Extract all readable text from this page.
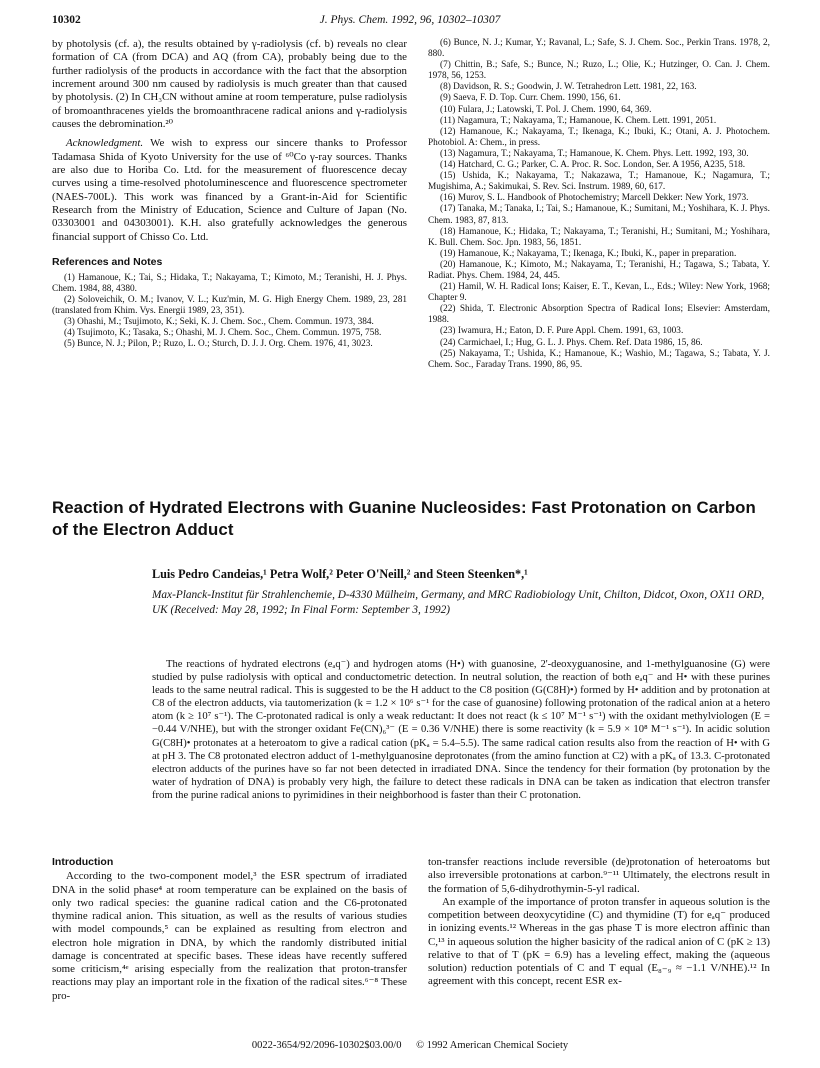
10302	J. Phys. Chem. 1992, 96, 10302–10307

by photolysis (cf. a), the results obtained by γ-radiolysis (cf. b) reveals no clear formation of CA (from DCA) and AQ (from CA), probably being due to the further radiolysis of the products in accordance with the fact that the absorption increment around 300 nm caused by radiolysis is much greater than that caused by photolysis. (2) In CH₃CN without amine at room temperature, pulse radiolysis of bromoanthracenes yields the bromoanthracene radical anions and γ-radiolysis causes the debromination.²⁰

Acknowledgment. We wish to express our sincere thanks to Professor Tadamasa Shida of Kyoto University for the use of ⁶⁰Co γ-ray sources. Thanks are also due to Horiba Co. Ltd. for the measurement of fluorescence decay curves using a time-resolved photoluminescence and fluorescence spectrometer (NAES-700L). This work was financed by a Grant-in-Aid for Scientific Research from the Ministry of Education, Science and Culture of Japan (No. 03303001 and 04303001). K.H. also gratefully acknowledges the generous financial support of Chisso Co. Ltd.

References and Notes
(1) Hamanoue, K.; Tai, S.; Hidaka, T.; Nakayama, T.; Kimoto, M.; Teranishi, H. J. Phys. Chem. 1984, 88, 4380.
(2) Soloveichik, O. M.; Ivanov, V. L.; Kuz'min, M. G. High Energy Chem. 1989, 23, 281 (translated from Khim. Vys. Energii 1989, 23, 351).
(3) Ohashi, M.; Tsujimoto, K.; Seki, K. J. Chem. Soc., Chem. Commun. 1973, 384.
(4) Tsujimoto, K.; Tasaka, S.; Ohashi, M. J. Chem. Soc., Chem. Commun. 1975, 758.
(5) Bunce, N. J.; Pilon, P.; Ruzo, L. O.; Sturch, D. J. J. Org. Chem. 1976, 41, 3023.
(6) Bunce, N. J.; Kumar, Y.; Ravanal, L.; Safe, S. J. Chem. Soc., Perkin Trans. 1978, 2, 880.
(7) Chittin, B.; Safe, S.; Bunce, N.; Ruzo, L.; Olie, K.; Hutzinger, O. Can. J. Chem. 1978, 56, 1253.
(8) Davidson, R. S.; Goodwin, J. W. Tetrahedron Lett. 1981, 22, 163.
(9) Saeva, F. D. Top. Curr. Chem. 1990, 156, 61.
(10) Fulara, J.; Latowski, T. Pol. J. Chem. 1990, 64, 369.
(11) Nagamura, T.; Nakayama, T.; Hamanoue, K. Chem. Lett. 1991, 2051.
(12) Hamanoue, K.; Nakayama, T.; Ikenaga, K.; Ibuki, K.; Otani, A. J. Photochem. Photobiol. A: Chem., in press.
(13) Nagamura, T.; Nakayama, T.; Hamanoue, K. Chem. Phys. Lett. 1992, 193, 30.
(14) Hatchard, C. G.; Parker, C. A. Proc. R. Soc. London, Ser. A 1956, A235, 518.
(15) Ushida, K.; Nakayama, T.; Nakazawa, T.; Hamanoue, K.; Nagamura, T.; Mugishima, A.; Sakimukai, S. Rev. Sci. Instrum. 1989, 60, 617.
(16) Murov, S. L. Handbook of Photochemistry; Marcell Dekker: New York, 1973.
(17) Tanaka, M.; Tanaka, I.; Tai, S.; Hamanoue, K.; Sumitani, M.; Yoshihara, K. J. Phys. Chem. 1983, 87, 813.
(18) Hamanoue, K.; Hidaka, T.; Nakayama, T.; Teranishi, H.; Sumitani, M.; Yoshihara, K. Bull. Chem. Soc. Jpn. 1983, 56, 1851.
(19) Hamanoue, K.; Nakayama, T.; Ikenaga, K.; Ibuki, K., paper in preparation.
(20) Hamanoue, K.; Kimoto, M.; Nakayama, T.; Teranishi, H.; Tagawa, S.; Tabata, Y. Radiat. Phys. Chem. 1984, 24, 445.
(21) Hamil, W. H. Radical Ions; Kaiser, E. T., Kevan, L., Eds.; Wiley: New York, 1968; Chapter 9.
(22) Shida, T. Electronic Absorption Spectra of Radical Ions; Elsevier: Amsterdam, 1988.
(23) Iwamura, H.; Eaton, D. F. Pure Appl. Chem. 1991, 63, 1003.
(24) Carmichael, I.; Hug, G. L. J. Phys. Chem. Ref. Data 1986, 15, 86.
(25) Nakayama, T.; Ushida, K.; Hamanoue, K.; Washio, M.; Tagawa, S.; Tabata, Y. J. Chem. Soc., Faraday Trans. 1990, 86, 95.
Reaction of Hydrated Electrons with Guanine Nucleosides: Fast Protonation on Carbon of the Electron Adduct
Luis Pedro Candeias,¹ Petra Wolf,² Peter O'Neill,² and Steen Steenken*,¹
Max-Planck-Institut für Strahlenchemie, D-4330 Mülheim, Germany, and MRC Radiobiology Unit, Chilton, Didcot, Oxon, OX11 ORD, UK (Received: May 28, 1992; In Final Form: September 3, 1992)
The reactions of hydrated electrons (eₐq⁻) and hydrogen atoms (H•) with guanosine, 2'-deoxyguanosine, and 1-methylguanosine (G) were studied by pulse radiolysis with optical and conductometric detection. In neutral solution, the reaction of both eₐq⁻ and H• with these purines leads to the same neutral radical. This is suggested to be the H adduct to the C8 position (G(C8H)•) formed by H• addition and by protonation at C8 of the electron adducts, via tautomerization (k = 1.2 × 10⁶ s⁻¹ for the case of guanosine) following protonation of the radical anion at a hetero atom (k ≥ 10⁷ s⁻¹). The C-protonated radical is only a weak reductant: It does not react (k ≤ 10⁷ M⁻¹ s⁻¹) with the oxidant methylviologen (E = −0.44 V/NHE), but with the stronger oxidant Fe(CN)₆³⁻ (E = 0.36 V/NHE) there is some reactivity (k = 5.9 × 10⁸ M⁻¹ s⁻¹). In acidic solution G(C8H)• protonates at a heteroatom to give a radical cation (pKₐ = 5.4–5.5). The same radical cation results also from the reaction of H• with G at pH 3. The C8 protonated electron adduct of 1-methylguanosine deprotonates (from the amino function at C2) with a pKₐ of 13.3. C-protonated electron adducts of the purines have so far not been detected in irradiated DNA. Since the tendency for their formation (by protonation by the water of hydration of DNA) is probably very high, the failure to detect these radicals in DNA can be taken as indication that electron transfer from the purine radical anions to pyrimidines in their neighborhood is faster than their C protonation.
Introduction

According to the two-component model,³ the ESR spectrum of irradiated DNA in the solid phase⁴ at room temperature can be explained on the basis of only two radical species: the guanine radical cation and the C6-protonated thymine radical anion. This situation, as well as the results of various studies with model compounds,⁵ can be explained as resulting from electron and electron hole migration in DNA, by which the randomly distributed initial damage is concentrated at specific bases. These ideas have recently suffered some criticism,⁴ᵉ arising especially from the realization that proton-transfer reactions may play an important role in the fixation of the radical sites.⁶⁻⁸ These pro-

ton-transfer reactions include reversible (de)protonation of heteroatoms but also irreversible protonations at carbon.⁹⁻¹¹ Ultimately, the electrons result in the formation of 5,6-dihydrothymin-5-yl radical.

An example of the importance of proton transfer in aqueous solution is the competition between deoxycytidine (C) and thymidine (T) for eₐq⁻ produced in ionizing events.¹² Whereas in the gas phase T is more electron affinic than C,¹³ in aqueous solution the higher basicity of the radical anion of C (pK ≥ 13) relative to that of T (pK = 6.9) has a leveling effect, making the (aqueous solution) reduction potentials of C and T equal (E₈₋₉ ≈ −1.1 V/NHE).¹² In agreement with this concept, recent ESR ex-

0022-3654/92/2096-10302$03.00/0 © 1992 American Chemical Society
